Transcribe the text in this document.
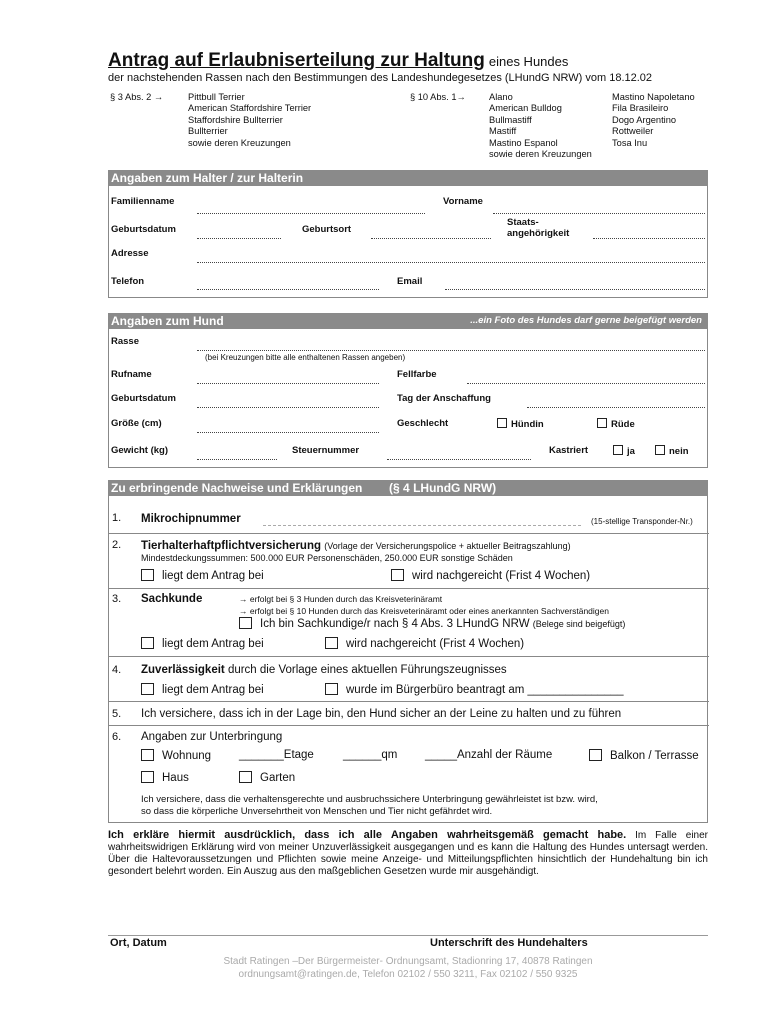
Antrag auf Erlaubniserteilung zur Haltung eines Hundes
der nachstehenden Rassen nach den Bestimmungen des Landeshundegesetzes (LHundG NRW) vom 18.12.02
§ 3 Abs. 2 →	Pittbull Terrier
American Staffordshire Terrier
Staffordshire Bullterrier
Bullterrier
sowie deren Kreuzungen
§ 10 Abs. 1→ Alano
American Bulldog
Bullmastiff
Mastiff
Mastino Espanol
sowie deren Kreuzungen
Mastino Napoletano
Fila Brasileiro
Dogo Argentino
Rottweiler
Tosa Inu
Angaben zum Halter / zur Halterin
Familienname	Vorname
Geburtsdatum	Geburtsort
Staats-
angehörigkeit
Adresse
Telefon	Email
Angaben zum Hund	...ein Foto des Hundes darf gerne beigefügt werden
Rasse
(bei Kreuzungen bitte alle enthaltenen Rassen angeben)
Rufname	Fellfarbe
Geburtsdatum	Tag der Anschaffung
Größe (cm)	Geschlecht	Hündin	Rüde
Gewicht (kg)	Steuernummer	Kastriert	ja	nein
Zu erbringende Nachweise und Erklärungen        (§ 4 LHundG NRW)
1. Mikrochipnummer	(15-stellige Transponder-Nr.)
2. Tierhalterhaftpflichtversicherung (Vorlage der Versicherungspolice + aktueller Beitragszahlung)
Mindestdeckungssummen: 500.000 EUR Personenschäden, 250.000 EUR sonstige Schäden
liegt dem Antrag bei	wird nachgereicht (Frist 4 Wochen)
3. Sachkunde	→ erfolgt bei § 3 Hunden durch das Kreisveterinäramt
→ erfolgt bei § 10 Hunden durch das Kreisveterinäramt oder eines anerkannten Sachverständigen
Ich bin Sachkundige/r nach § 4 Abs. 3 LHundG NRW (Belege sind beigefügt)
liegt dem Antrag bei	wird nachgereicht (Frist 4 Wochen)
4. Zuverlässigkeit durch die Vorlage eines aktuellen Führungszeugnisses
liegt dem Antrag bei	wurde im Bürgerbüro beantragt am _______________
5. Ich versichere, dass ich in der Lage bin, den Hund sicher an der Leine zu halten und zu führen
6. Angaben zur Unterbringung
Wohnung _______Etage	______qm _____Anzahl der Räume	Balkon / Terrasse
Haus	Garten
Ich versichere, dass die verhaltensgerechte und ausbruchssichere Unterbringung gewährleistet ist bzw. wird,
so dass die körperliche Unversehrtheit von Menschen und Tier nicht gefährdet wird.
Ich erkläre hiermit ausdrücklich, dass ich alle Angaben wahrheitsgemäß gemacht habe. Im Falle einer wahrheitswidrigen Erklärung wird von meiner Unzuverlässigkeit ausgegangen und es kann die Haltung des Hundes untersagt werden. Über die Haltevoraussetzungen und Pflichten sowie meine Anzeige- und Mitteilungspflichten hinsichtlich der Hundehaltung bin ich gesondert belehrt worden. Ein Auszug aus den maßgeblichen Gesetzen wurde mir ausgehändigt.
Ort, Datum	Unterschrift des Hundehalters
Stadt Ratingen –Der Bürgermeister- Ordnungsamt, Stadionring 17, 40878 Ratingen
ordnungsamt@ratingen.de, Telefon 02102 / 550 3211, Fax 02102 / 550 9325
